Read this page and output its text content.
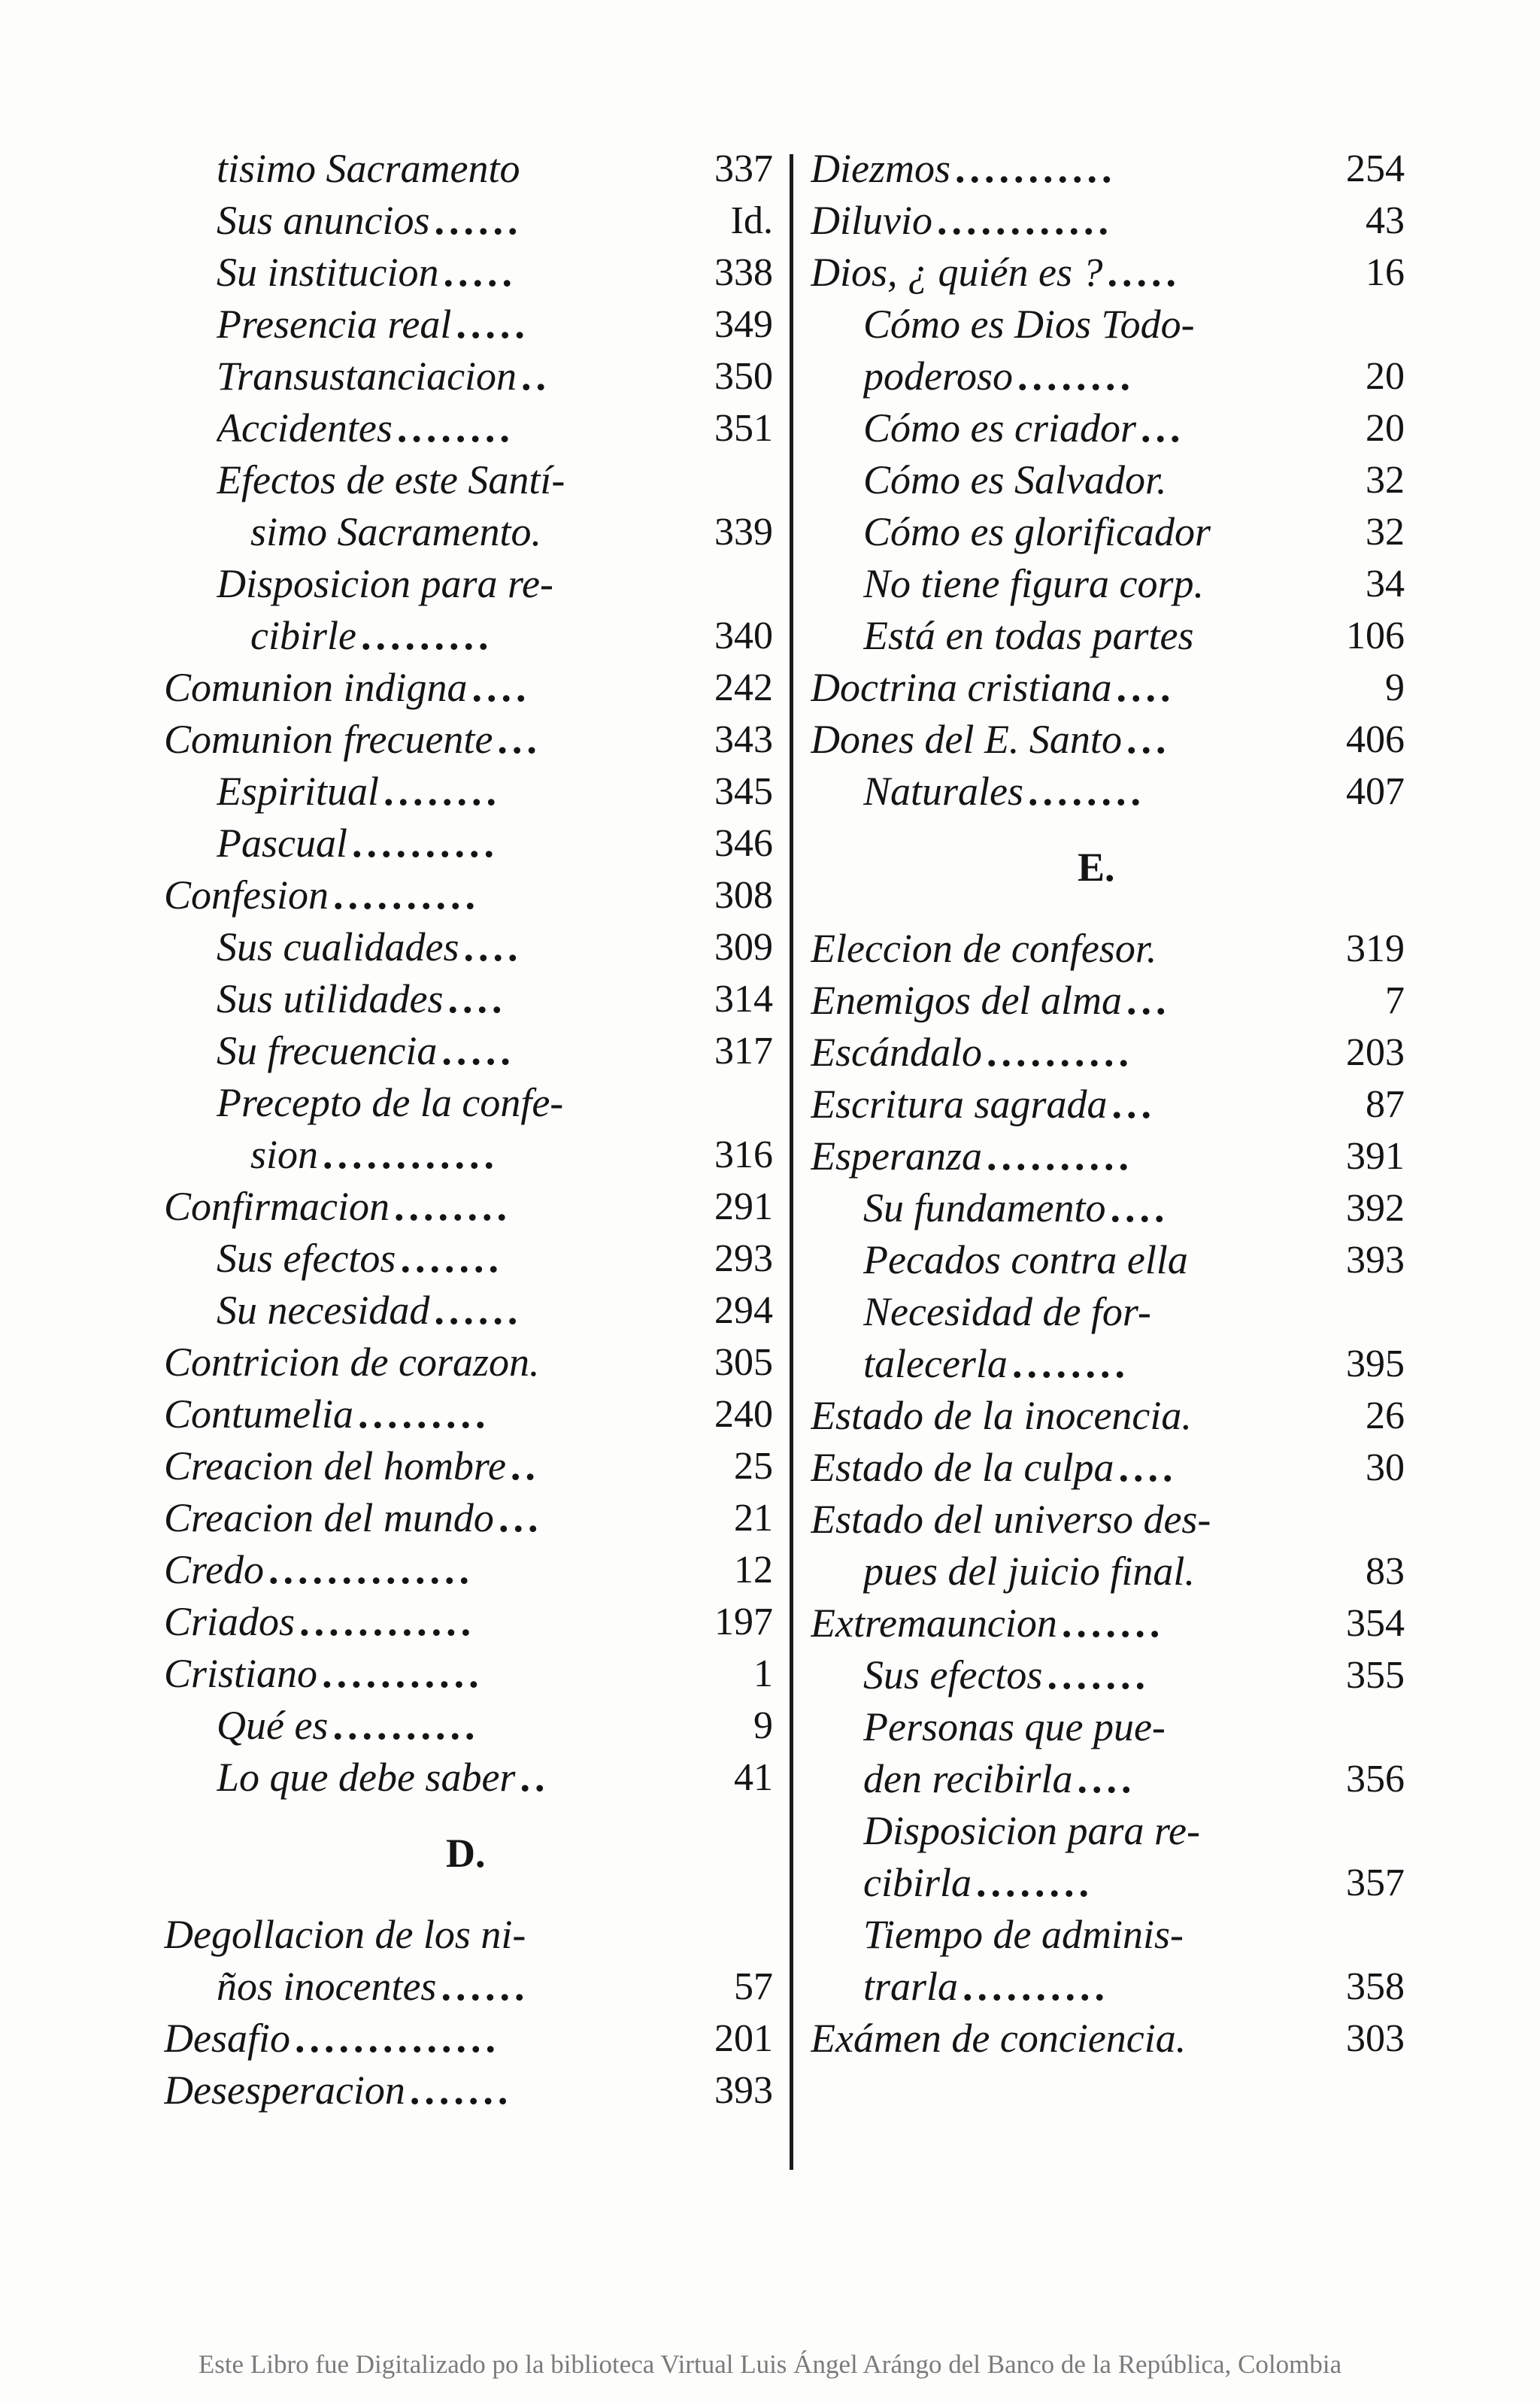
tisimo Sacramento	337
Sus anuncios ......	Id.
Su institucion .....	338
Presencia real .....	349
Transustanciacion ..	350
Accidentes ........	351
Efectos de este Santí-
simo Sacramento.	339
Disposicion para re-
cibirle .........	340
Comunion indigna ....	242
Comunion frecuente ...	343
Espiritual ........	345
Pascual ..........	346
Confesion ..........	308
Sus cualidades ....	309
Sus utilidades ....	314
Su frecuencia .....	317
Precepto de la confe-
sion ............	316
Confirmacion ........	291
Sus efectos .......	293
Su necesidad ......	294
Contricion de corazon.	305
Contumelia .........	240
Creacion del hombre ..	25
Creacion del mundo ...	21
Credo ..............	12
Criados ............	197
Cristiano ...........	1
Qué es ..........	9
Lo que debe saber ..	41
D.
Degollacion de los ni-
ños inocentes ......	57
Desafio ..............	201
Desesperacion .......	393
Diezmos ...........	254
Diluvio ............	43
Dios, ¿ quién es ? .....	16
Cómo es Dios Todo-
poderoso ........	20
Cómo es criador ...	20
Cómo es Salvador.	32
Cómo es glorificador	32
No tiene figura corp.	34
Está en todas partes	106
Doctrina cristiana ....	9
Dones del E. Santo ...	406
Naturales ........	407
E.
Eleccion de confesor.	319
Enemigos del alma ...	7
Escándalo ..........	203
Escritura sagrada ...	87
Esperanza ..........	391
Su fundamento ....	392
Pecados contra ella	393
Necesidad de for-
talecerla ........	395
Estado de la inocencia.	26
Estado de la culpa ....	30
Estado del universo des-
pues del juicio final.	83
Extremauncion .......	354
Sus efectos .......	355
Personas que pue-
den recibirla ....	356
Disposicion para re-
cibirla ........	357
Tiempo de adminis-
trarla ..........	358
Exámen de conciencia.	303
Este Libro fue Digitalizado po la biblioteca Virtual Luis Ángel Arángo del Banco de la República, Colombia
